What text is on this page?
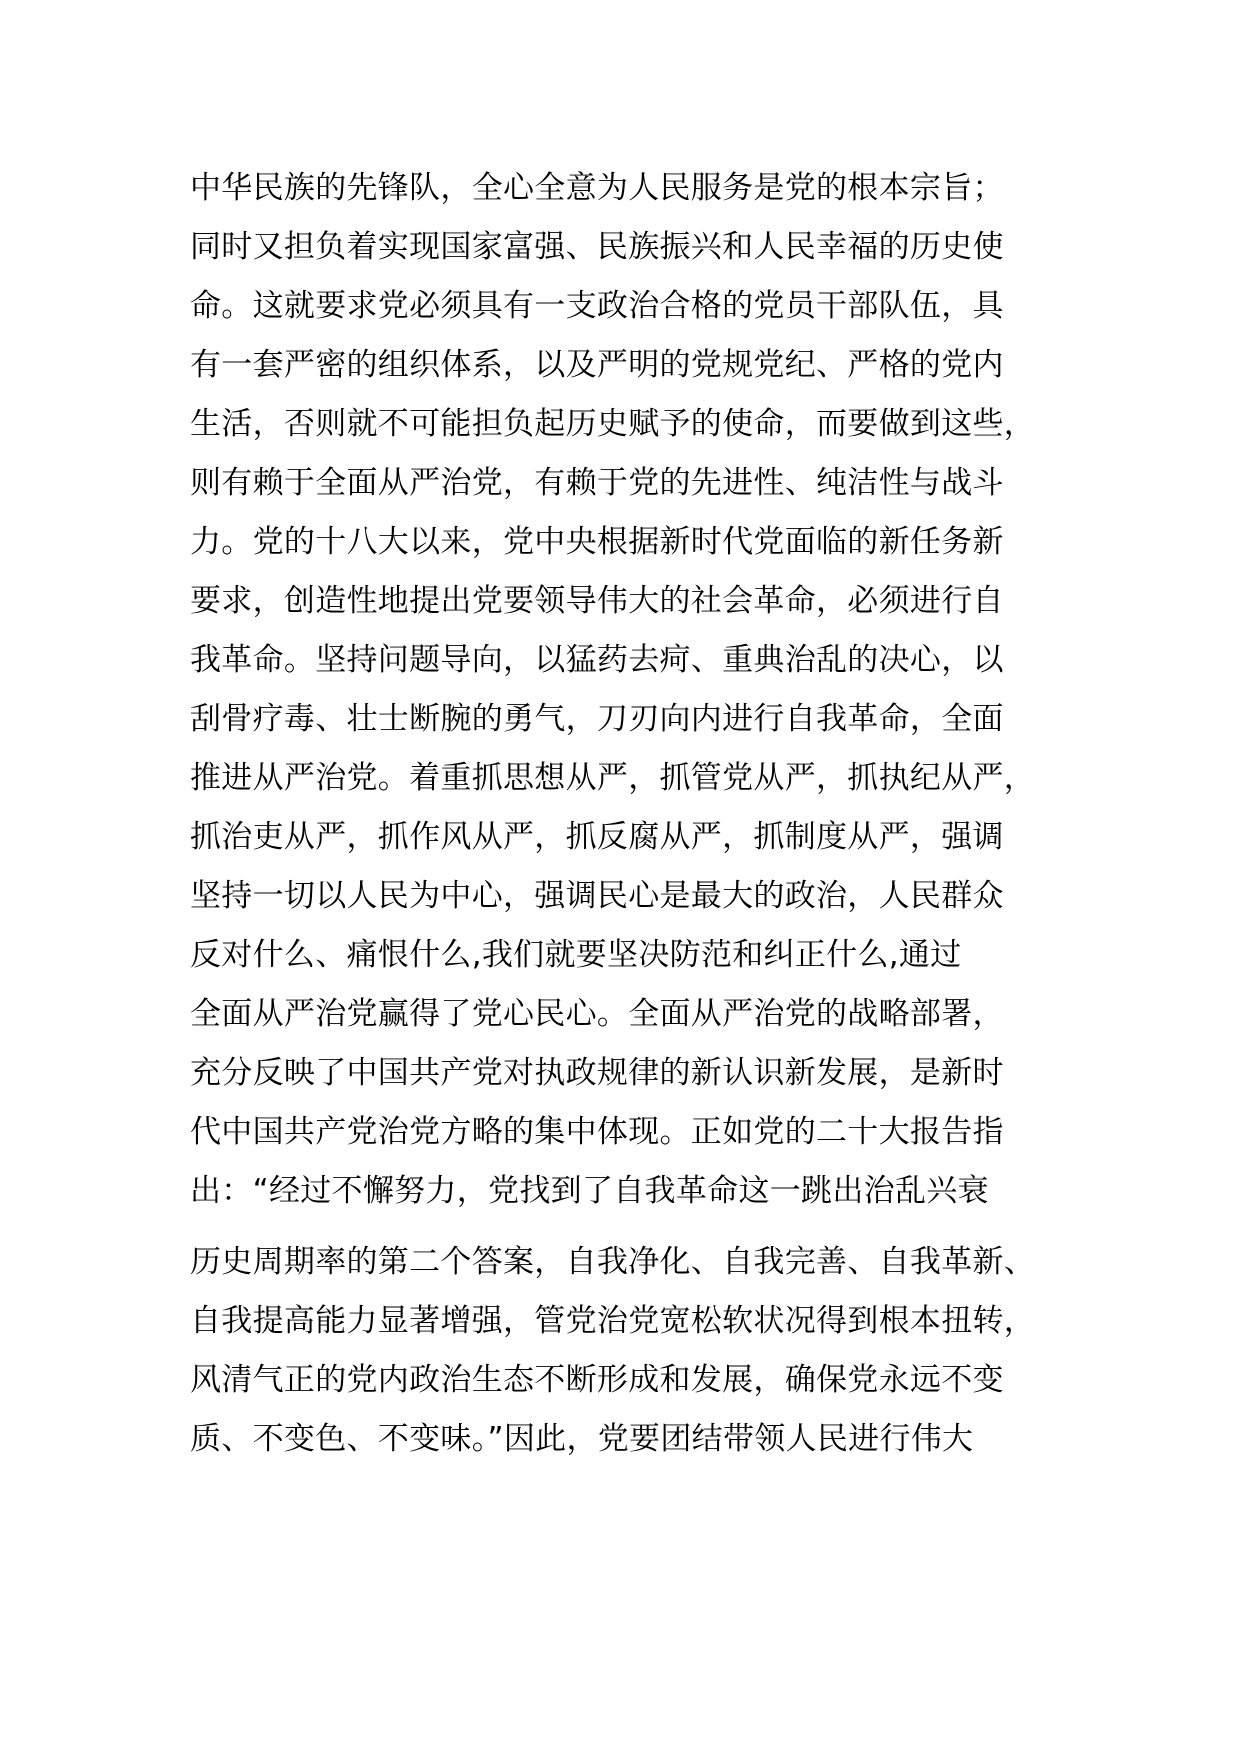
中华民族的先锋队，全心全意为人民服务是党的根本宗旨；
同时又担负着实现国家富强、民族振兴和人民幸福的历史使
命。这就要求党必须具有一支政治合格的党员干部队伍，具
有一套严密的组织体系，以及严明的党规党纪、严格的党内
生活，否则就不可能担负起历史赋予的使命，而要做到这些，
则有赖于全面从严治党，有赖于党的先进性、纯洁性与战斗
力。党的十八大以来，党中央根据新时代党面临的新任务新
要求，创造性地提出党要领导伟大的社会革命，必须进行自
我革命。坚持问题导向，以猛药去疴、重典治乱的决心，以
刮骨疗毒、壮士断腕的勇气，刀刃向内进行自我革命，全面
推进从严治党。着重抓思想从严，抓管党从严，抓执纪从严，
抓治吏从严，抓作风从严，抓反腐从严，抓制度从严，强调
坚持一切以人民为中心，强调民心是最大的政治，人民群众
反对什么、痛恨什么,我们就要坚决防范和纠正什么,通过
全面从严治党赢得了党心民心。全面从严治党的战略部署，
充分反映了中国共产党对执政规律的新认识新发展，是新时
代中国共产党治党方略的集中体现。正如党的二十大报告指
出：“经过不懈努力，党找到了自我革命这一跳出治乱兴衰
历史周期率的第二个答案，自我净化、自我完善、自我革新、
自我提高能力显著增强，管党治党宽松软状况得到根本扭转，
风清气正的党内政治生态不断形成和发展，确保党永远不变
质、不变色、不变味。”因此，党要团结带领人民进行伟大
